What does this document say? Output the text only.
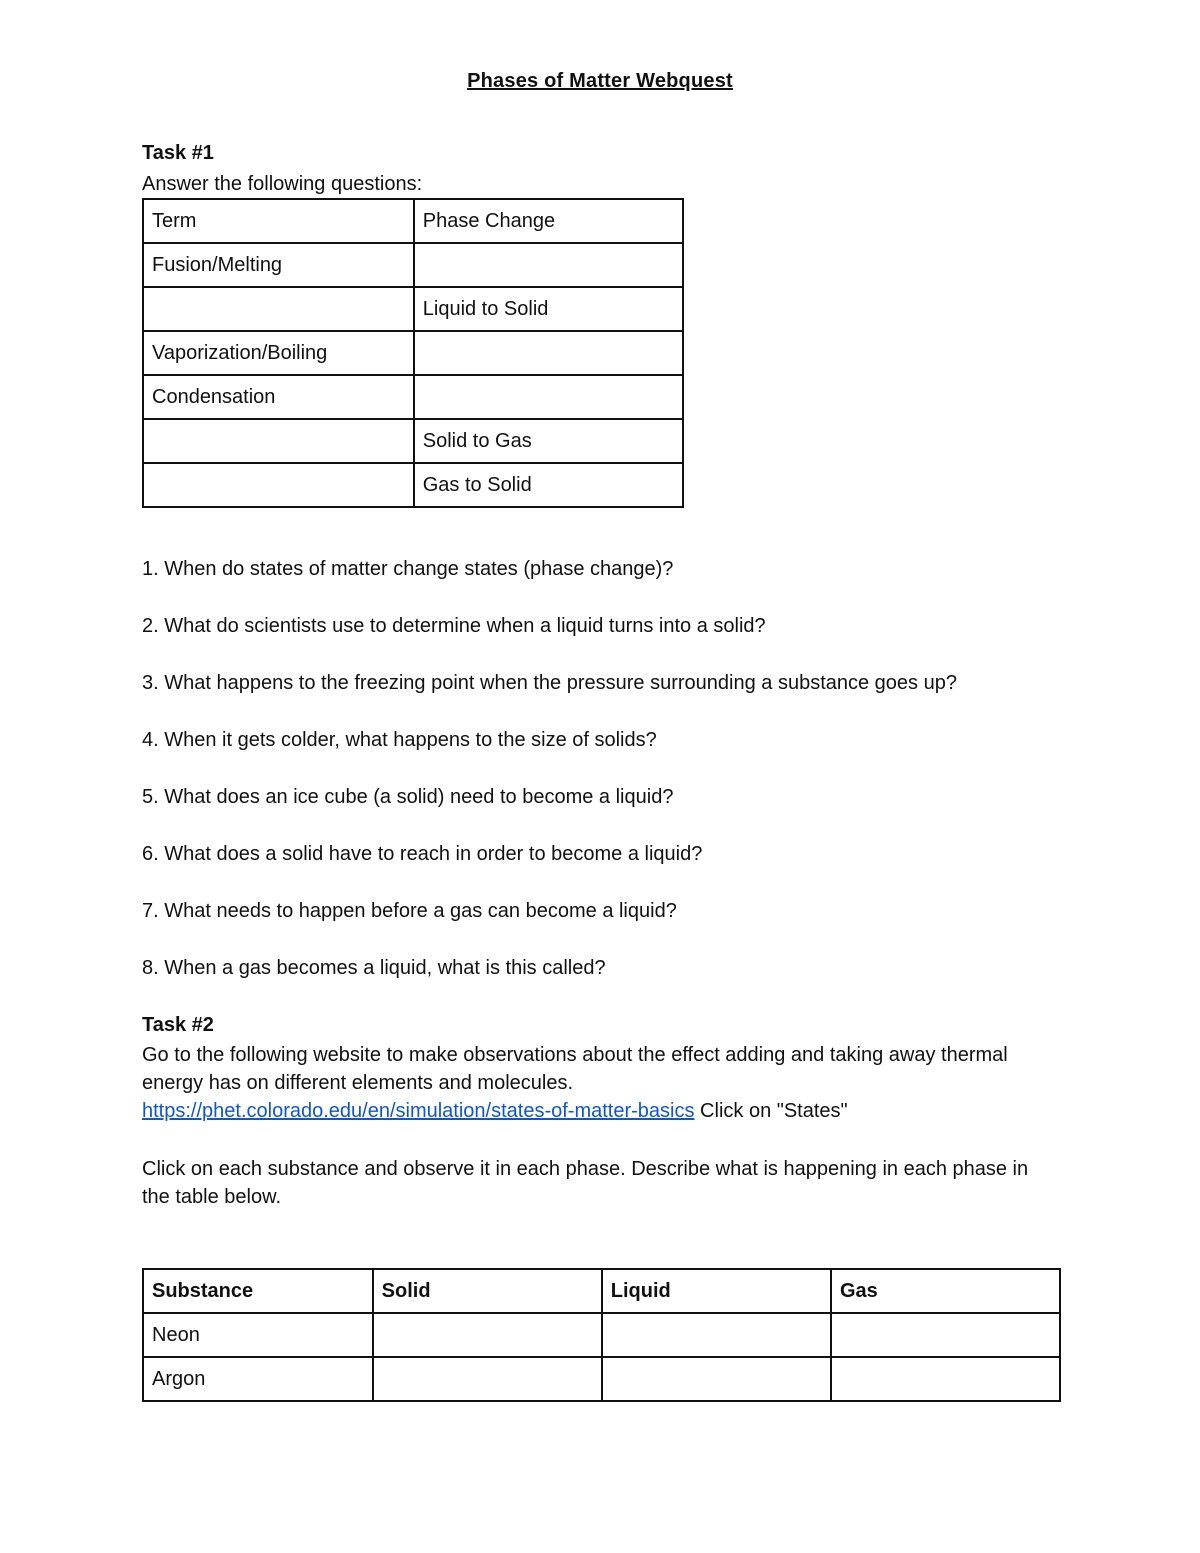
Phases of Matter Webquest
Task #1
Answer the following questions:
Term	Phase Change
Fusion/Melting	
	Liquid to Solid
Vaporization/Boiling	
Condensation	
	Solid to Gas
	Gas to Solid
1. When do states of matter change states (phase change)?
2. What do scientists use to determine when a liquid turns into a solid?
3. What happens to the freezing point when the pressure surrounding a substance goes up?
4. When it gets colder, what happens to the size of solids?
5. What does an ice cube (a solid) need to become a liquid?
6. What does a solid have to reach in order to become a liquid?
7. What needs to happen before a gas can become a liquid?
8. When a gas becomes a liquid, what is this called?
Task #2
Go to the following website to make observations about the effect adding and taking away thermal energy has on different elements and molecules.
https://phet.colorado.edu/en/simulation/states-of-matter-basics Click on "States"
Click on each substance and observe it in each phase. Describe what is happening in each phase in the table below.
Substance	Solid	Liquid	Gas
Neon			
Argon			
